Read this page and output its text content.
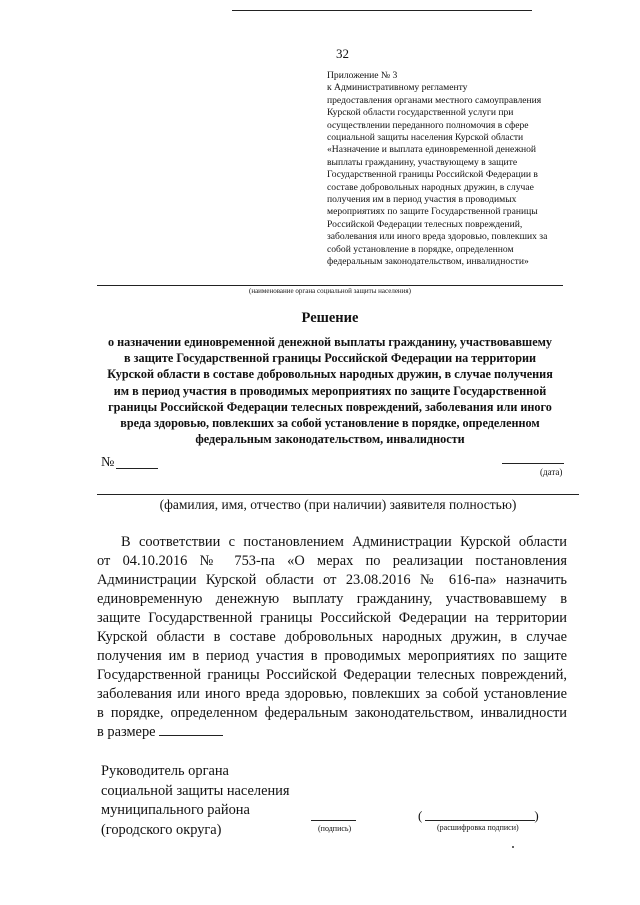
32
Приложение № 3
к Административному регламенту
предоставления органами местного самоуправления
Курской области государственной услуги при
осуществлении переданного полномочия в сфере
социальной защиты населения Курской области
«Назначение и выплата единовременной денежной
выплаты гражданину, участвующему в защите
Государственной границы Российской Федерации в
составе добровольных народных дружин, в случае
получения им в период участия в проводимых
мероприятиях по защите Государственной границы
Российской Федерации телесных повреждений,
заболевания или иного вреда здоровью, повлекших за
собой установление в порядке, определенном
федеральным законодательством, инвалидности»
(наименование органа социальной защиты населения)
Решение
о назначении единовременной денежной выплаты гражданину, участвовавшему
в защите Государственной границы Российской Федерации на территории
Курской области в составе добровольных народных дружин, в случае получения
им в период участия в проводимых мероприятиях по защите Государственной
границы Российской Федерации телесных повреждений, заболевания или иного
вреда здоровью, повлекших за собой установление в порядке, определенном
федеральным законодательством, инвалидности
№
(дата)
(фамилия, имя, отчество (при наличии) заявителя полностью)
В соответствии с постановлением Администрации Курской области
от 04.10.2016 № 753-па «О мерах по реализации постановления
Администрации Курской области от 23.08.2016 № 616-па» назначить
единовременную денежную выплату гражданину, участвовавшему в
защите Государственной границы Российской Федерации на территории
Курской области в составе добровольных народных дружин, в случае
получения им в период участия в проводимых мероприятиях по защите
Государственной границы Российской Федерации телесных повреждений,
заболевания или иного вреда здоровью, повлекших за собой установление
в порядке, определенном федеральным законодательством, инвалидности
в размере
Руководитель органа
социальной защиты населения
муниципального района
(городского округа)	(подпись)
(	)
(расшифровка подписи)
